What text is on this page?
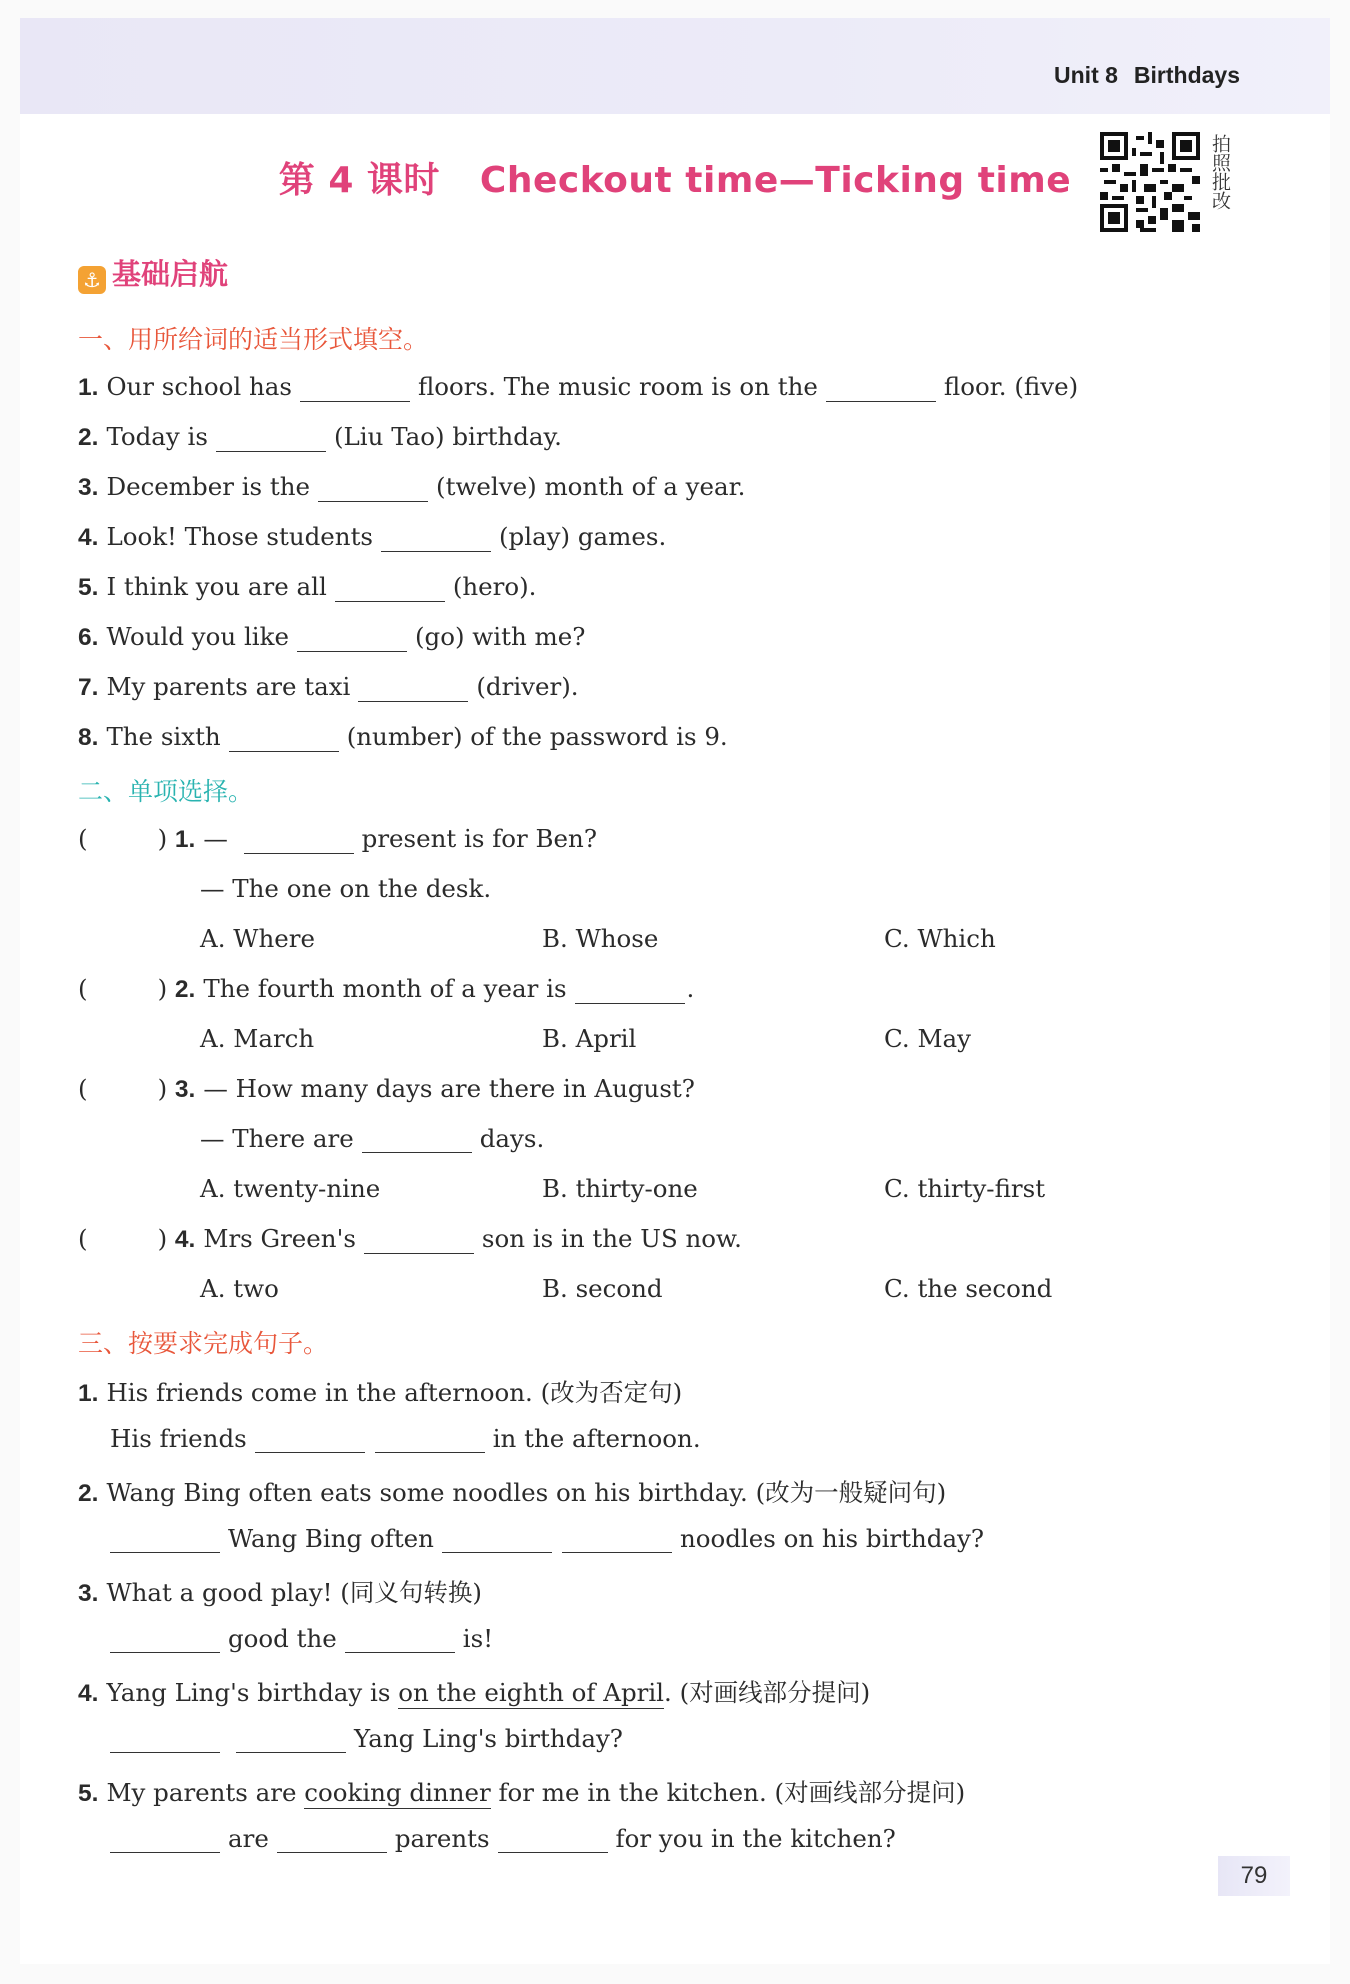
Unit 8 Birthdays
第 4 课时 Checkout time—Ticking time	拍照批改
⚓ 基础启航
一、用所给词的适当形式填空。
1. Our school has	floors. The music room is on the	floor. (five)
2. Today is	(Liu Tao) birthday.
3. December is the	(twelve) month of a year.
4. Look! Those students	(play) games.
5. I think you are all	(hero).
6. Would you like	(go) with me?
7. My parents are taxi	(driver).
8. The sixth	(number) of the password is 9.
二、单项选择。
(	) 1. —	present is for Ben?
— The one on the desk.
A. Where	B. Whose	C. Which
(	) 2. The fourth month of a year is	.
A. March	B. April	C. May
(	) 3. — How many days are there in August?
— There are	days.
A. twenty-nine	B. thirty-one	C. thirty-first
(	) 4. Mrs Green's	son is in the US now.
A. two	B. second	C. the second
三、按要求完成句子。
1. His friends come in the afternoon. (改为否定句)
His friends	in the afternoon.
2. Wang Bing often eats some noodles on his birthday. (改为一般疑问句)
Wang Bing often	noodles on his birthday?
3. What a good play! (同义句转换)
good the	is!
4. Yang Ling's birthday is on the eighth of April. (对画线部分提问)
Yang Ling's birthday?
5. My parents are cooking dinner for me in the kitchen. (对画线部分提问)
are	parents	for you in the kitchen?
79
